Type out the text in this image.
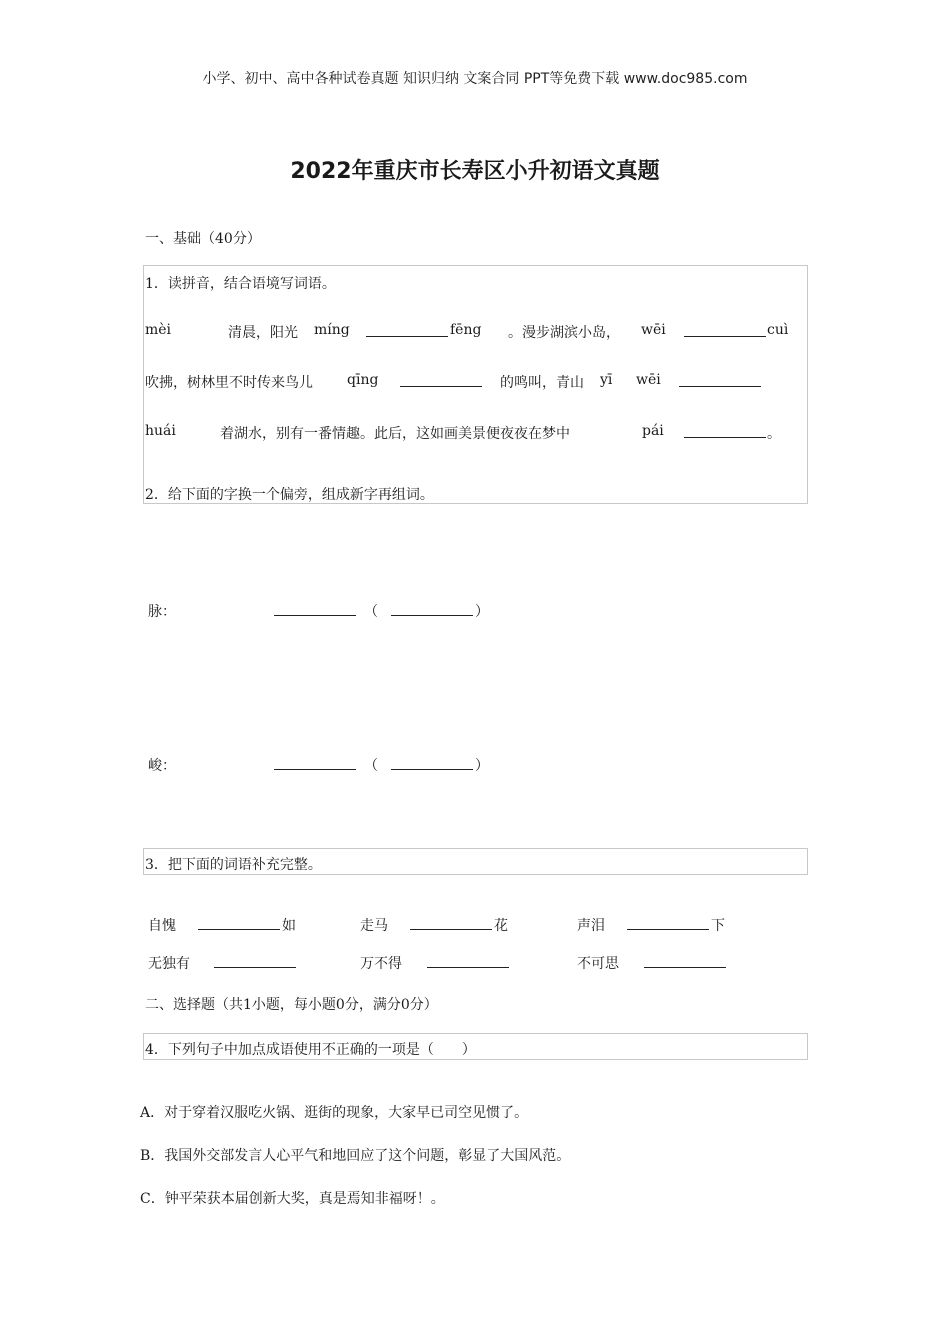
小学、初中、高中各种试卷真题 知识归纳 文案合同 PPT等免费下载 www.doc985.com
2022年重庆市长寿区小升初语文真题
一、基础（40分）
1．读拼音，结合语境写词语。
mèi	清晨，阳光 míng	fēng 。漫步湖滨小岛， wēi	cuì
吹拂，树林里不时传来鸟儿 qīng	的鸣叫，青山 yī wēi
huái	着湖水，别有一番情趣。此后，这如画美景便夜夜在梦中	pái	。
2．给下面的字换一个偏旁，组成新字再组词。
脉：	（	）
峻：	（	）
3．把下面的词语补充完整。
自愧	如	走马	花	声泪	下
无独有	万不得	不可思
二、选择题（共1小题，每小题0分，满分0分）
4．下列句子中加点成语使用不正确的一项是（　　）
A．对于穿着汉服吃火锅、逛街的现象，大家早已司空见惯了。
B．我国外交部发言人心平气和地回应了这个问题，彰显了大国风范。
C．钟平荣获本届创新大奖，真是焉知非福呀！。
